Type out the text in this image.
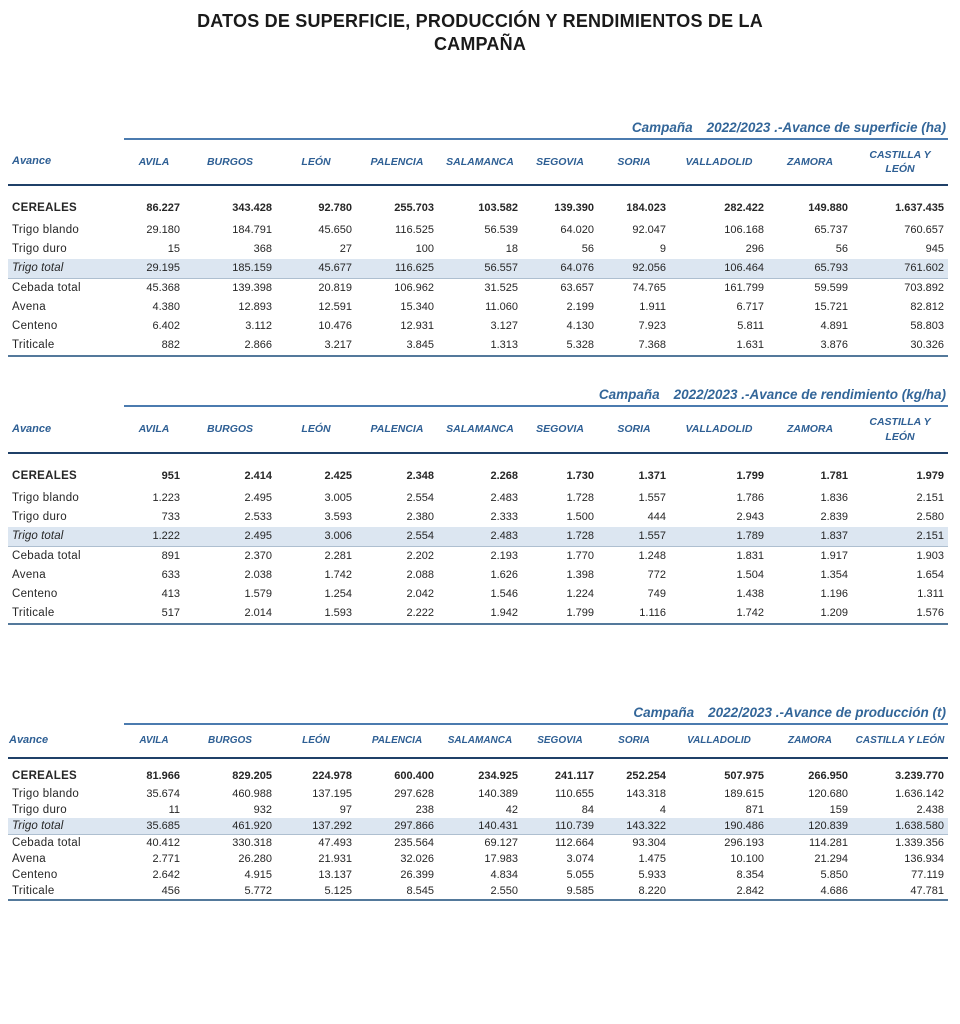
DATOS DE SUPERFICIE, PRODUCCIÓN Y RENDIMIENTOS DE LA
CAMPAÑA
Campaña 2022/2023 .-Avance de superficie (ha)
Avance	AVILA	BURGOS	LEÓN	PALENCIA	SALAMANCA	SEGOVIA	SORIA	VALLADOLID	ZAMORA	CASTILLA Y LEÓN
CEREALES	86.227	343.428	92.780	255.703	103.582	139.390	184.023	282.422	149.880	1.637.435
Trigo blando	29.180	184.791	45.650	116.525	56.539	64.020	92.047	106.168	65.737	760.657
Trigo duro	15	368	27	100	18	56	9	296	56	945
Trigo total	29.195	185.159	45.677	116.625	56.557	64.076	92.056	106.464	65.793	761.602
Cebada total	45.368	139.398	20.819	106.962	31.525	63.657	74.765	161.799	59.599	703.892
Avena	4.380	12.893	12.591	15.340	11.060	2.199	1.911	6.717	15.721	82.812
Centeno	6.402	3.112	10.476	12.931	3.127	4.130	7.923	5.811	4.891	58.803
Triticale	882	2.866	3.217	3.845	1.313	5.328	7.368	1.631	3.876	30.326
Campaña 2022/2023 .-Avance de rendimiento (kg/ha)
Avance	AVILA	BURGOS	LEÓN	PALENCIA	SALAMANCA	SEGOVIA	SORIA	VALLADOLID	ZAMORA	CASTILLA Y LEÓN
CEREALES	951	2.414	2.425	2.348	2.268	1.730	1.371	1.799	1.781	1.979
Trigo blando	1.223	2.495	3.005	2.554	2.483	1.728	1.557	1.786	1.836	2.151
Trigo duro	733	2.533	3.593	2.380	2.333	1.500	444	2.943	2.839	2.580
Trigo total	1.222	2.495	3.006	2.554	2.483	1.728	1.557	1.789	1.837	2.151
Cebada total	891	2.370	2.281	2.202	2.193	1.770	1.248	1.831	1.917	1.903
Avena	633	2.038	1.742	2.088	1.626	1.398	772	1.504	1.354	1.654
Centeno	413	1.579	1.254	2.042	1.546	1.224	749	1.438	1.196	1.311
Triticale	517	2.014	1.593	2.222	1.942	1.799	1.116	1.742	1.209	1.576
Campaña 2022/2023 .-Avance de producción (t)
Avance	AVILA	BURGOS	LEÓN	PALENCIA	SALAMANCA	SEGOVIA	SORIA	VALLADOLID	ZAMORA	CASTILLA Y LEÓN
CEREALES	81.966	829.205	224.978	600.400	234.925	241.117	252.254	507.975	266.950	3.239.770
Trigo blando	35.674	460.988	137.195	297.628	140.389	110.655	143.318	189.615	120.680	1.636.142
Trigo duro	11	932	97	238	42	84	4	871	159	2.438
Trigo total	35.685	461.920	137.292	297.866	140.431	110.739	143.322	190.486	120.839	1.638.580
Cebada total	40.412	330.318	47.493	235.564	69.127	112.664	93.304	296.193	114.281	1.339.356
Avena	2.771	26.280	21.931	32.026	17.983	3.074	1.475	10.100	21.294	136.934
Centeno	2.642	4.915	13.137	26.399	4.834	5.055	5.933	8.354	5.850	77.119
Triticale	456	5.772	5.125	8.545	2.550	9.585	8.220	2.842	4.686	47.781
